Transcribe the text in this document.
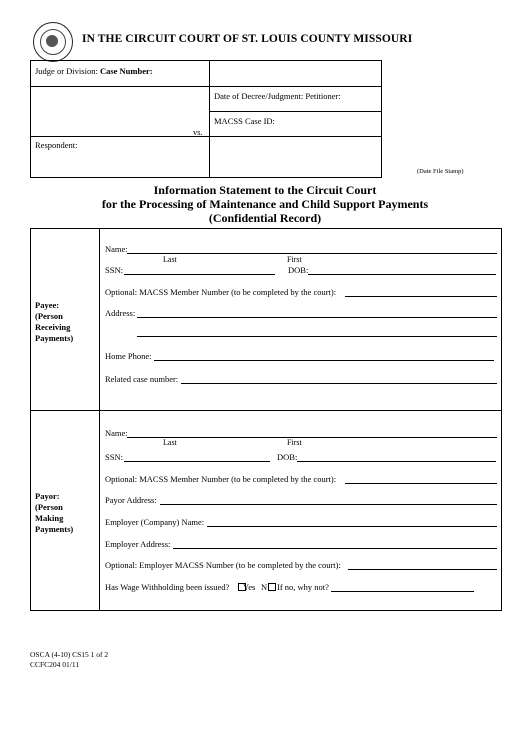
IN THE CIRCUIT COURT OF ST. LOUIS COUNTY MISSOURI
Judge or Division: Case Number:
Date of Decree/Judgment: Petitioner:
MACSS Case ID:
vs.
Respondent:
(Date File Stamp)
Information Statement to the Circuit Court
for the Processing of Maintenance and Child Support Payments
(Confidential Record)
Payee:
(Person
Receiving
Payments)
Name:
Last	First
SSN:	DOB:
Optional: MACSS Member Number (to be completed by the court):
Address:
Home Phone:
Related case number:
Payor:
(Person
Making
Payments)
Name:
Last	First
SSN:	DOB:
Optional: MACSS Member Number (to be completed by the court):
Payor Address:
Employer (Company) Name:
Employer Address:
Optional: Employer MACSS Number (to be completed by the court):
Has Wage Withholding been issued? Yes N If no, why not?
OSCA (4-10) CS15 1 of 2
CCFC204 01/11
